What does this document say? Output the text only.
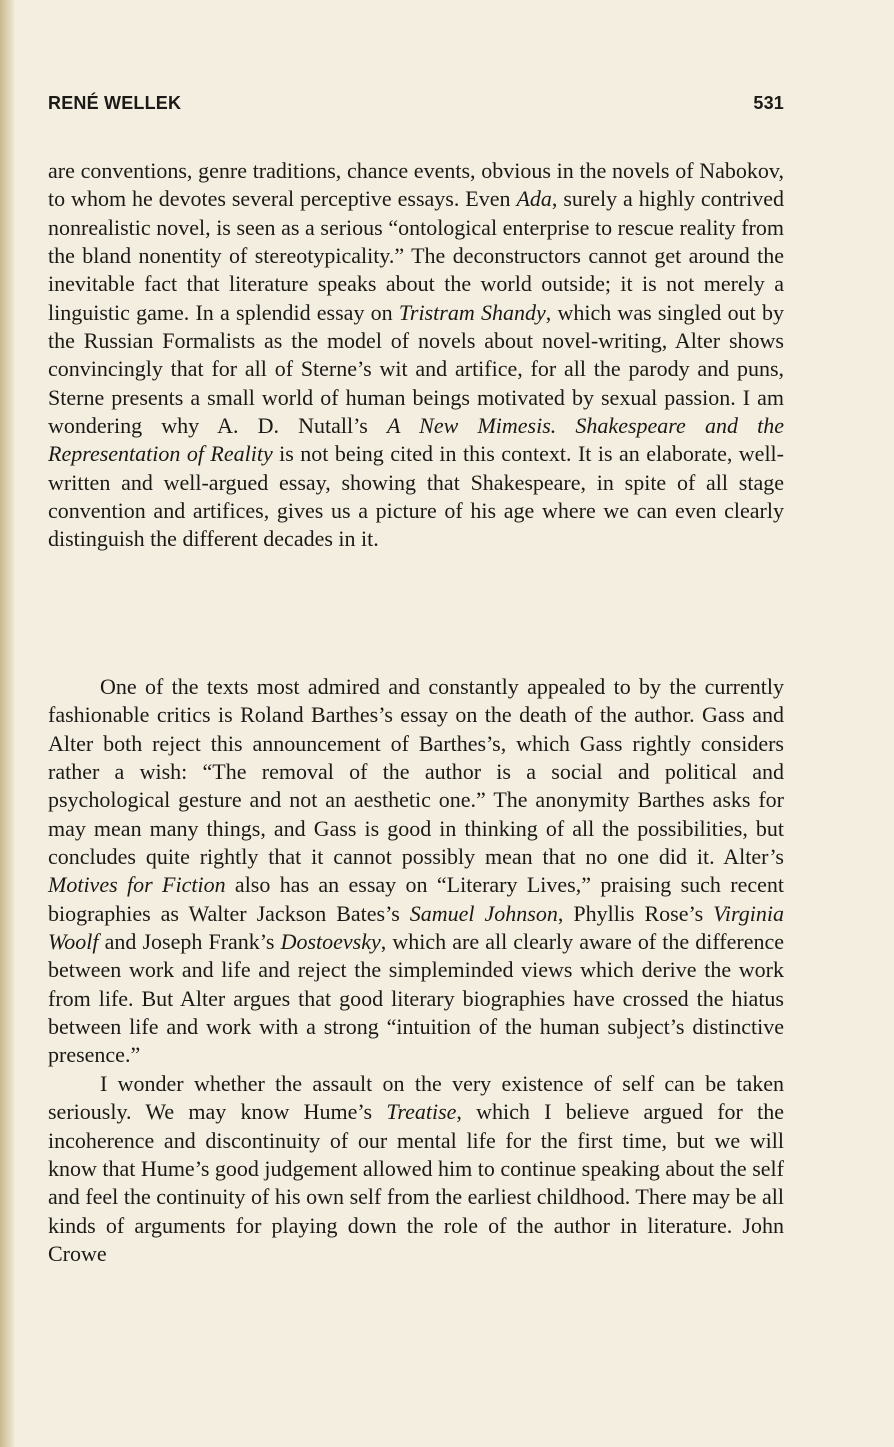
RENÉ WELLEK	531

are conventions, genre traditions, chance events, obvious in the novels of Nabokov, to whom he devotes several perceptive essays. Even Ada, surely a highly contrived nonrealistic novel, is seen as a serious “ontological enterprise to rescue reality from the bland nonentity of stereotypicality.” The deconstructors cannot get around the inevitable fact that literature speaks about the world outside; it is not merely a linguistic game. In a splendid essay on Tristram Shandy, which was singled out by the Russian Formalists as the model of novels about novel-writing, Alter shows convincingly that for all of Sterne’s wit and artifice, for all the parody and puns, Sterne presents a small world of human beings motivated by sexual passion. I am wondering why A. D. Nutall’s A New Mimesis. Shakespeare and the Representation of Reality is not being cited in this context. It is an elaborate, well-written and well-argued essay, showing that Shakespeare, in spite of all stage convention and artifices, gives us a picture of his age where we can even clearly distinguish the different decades in it.

One of the texts most admired and constantly appealed to by the currently fashionable critics is Roland Barthes’s essay on the death of the author. Gass and Alter both reject this announcement of Barthes’s, which Gass rightly considers rather a wish: “The removal of the author is a social and political and psychological gesture and not an aesthetic one.” The anonymity Barthes asks for may mean many things, and Gass is good in thinking of all the possibilities, but concludes quite rightly that it cannot possibly mean that no one did it. Alter’s Motives for Fiction also has an essay on “Literary Lives,” praising such recent biographies as Walter Jackson Bates’s Samuel Johnson, Phyllis Rose’s Virginia Woolf and Joseph Frank’s Dostoevsky, which are all clearly aware of the difference between work and life and reject the simpleminded views which derive the work from life. But Alter argues that good literary biographies have crossed the hiatus between life and work with a strong “intuition of the human subject’s distinctive presence.”

I wonder whether the assault on the very existence of self can be taken seriously. We may know Hume’s Treatise, which I believe argued for the incoherence and discontinuity of our mental life for the first time, but we will know that Hume’s good judgement allowed him to continue speaking about the self and feel the continuity of his own self from the earliest childhood. There may be all kinds of arguments for playing down the role of the author in literature. John Crowe
